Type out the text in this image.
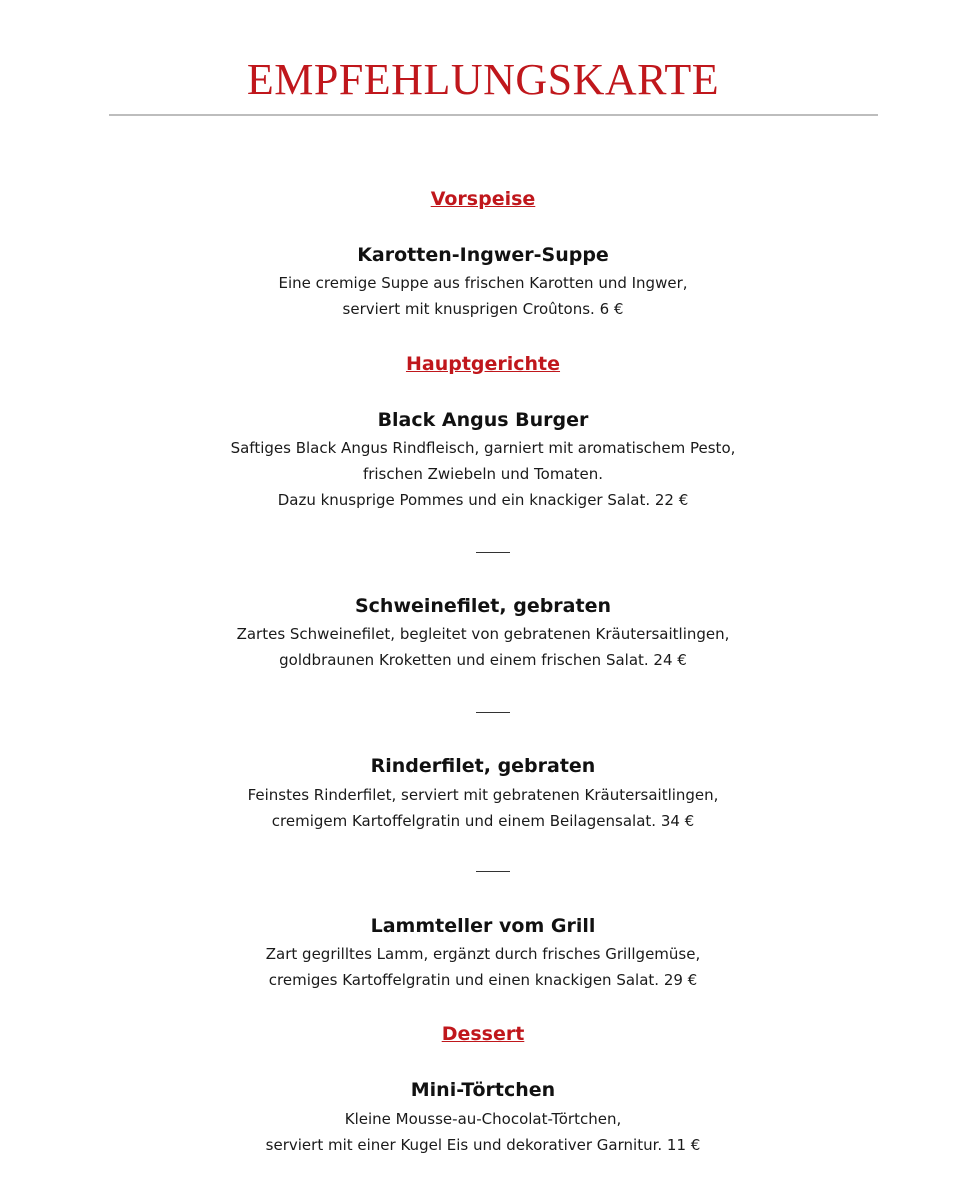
EMPFEHLUNGSKARTE
Vorspeise
Karotten-Ingwer-Suppe
Eine cremige Suppe aus frischen Karotten und Ingwer,
serviert mit knusprigen Croûtons. 6 €
Hauptgerichte
Black Angus Burger
Saftiges Black Angus Rindfleisch, garniert mit aromatischem Pesto,
frischen Zwiebeln und Tomaten.
Dazu knusprige Pommes und ein knackiger Salat. 22 €
Schweinefilet, gebraten
Zartes Schweinefilet, begleitet von gebratenen Kräutersaitlingen,
goldbraunen Kroketten und einem frischen Salat. 24 €
Rinderfilet, gebraten
Feinstes Rinderfilet, serviert mit gebratenen Kräutersaitlingen,
cremigem Kartoffelgratin und einem Beilagensalat. 34 €
Lammteller vom Grill
Zart gegrilltes Lamm, ergänzt durch frisches Grillgemüse,
cremiges Kartoffelgratin und einen knackigen Salat. 29 €
Dessert
Mini-Törtchen
Kleine Mousse-au-Chocolat-Törtchen,
serviert mit einer Kugel Eis und dekorativer Garnitur. 11 €
